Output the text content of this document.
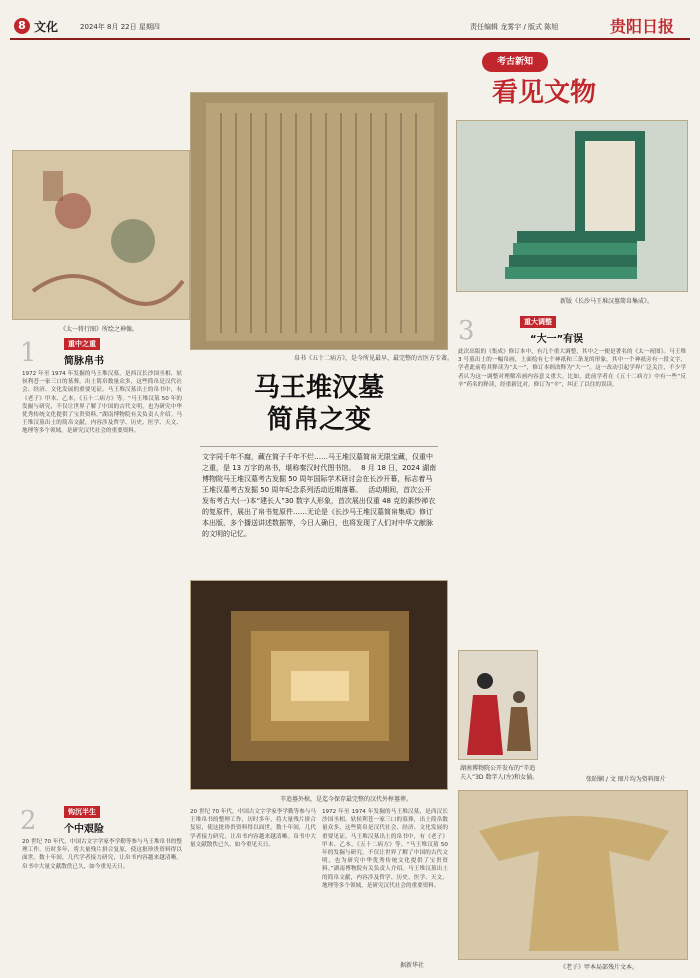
8 文化	2024年 8月 22日 星期四	责任编辑 龙雾宇 / 版式 陈旭	贵阳日报
《太一将行图》所绘之神像。
帛书《五十二病方》，是今所见最早、最完整的古医方专著。
考古新知
看见文物
新版《长沙马王堆汉墓简帛集成》。
1	重中之重
简脉帛书
1972 年至 1974 年发掘的马王堆汉墓，是西汉长沙国丞相、轪侯利苍一家三口的墓葬，出土简帛数量众多，这些简帛是汉代社会、经济、文化发展的重要见证。马王堆汉墓出土的帛书中，有《老子》甲本、乙本，《五十二病方》等。“马王堆汉墓 50 年的发掘与研究，不仅让世界了解了中国的古代文明，也为研究中华优秀传统文化提供了宝贵资料。”湖南博物院有关负责人介绍。马王堆汉墓出土的简帛文献，内容涉及哲学、历史、医学、天文、地理等多个领域，是研究汉代社会的重要资料。
马王堆汉墓
简帛之变
文字同千年不腐，藏在简子千年不烂……马王堆汉墓简帛无限宝藏，仅重中之重，是 13 万字的帛书，堪称秦汉时代图书馆。　 8 月 18 日，2024 湖南博物院马王堆汉墓考古发掘 50 周年国际学术研讨会在长沙开幕，标志着马王堆汉墓考古发掘 50 周年纪念系列活动近期落幕。　 活动期间，首次公开发布考古大(一)本“建长人”30 数字人形象，首次展出仅重 48 克的素纱禅衣的复原件，展出了帛书复原件……无论是《长沙马王堆汉墓简帛集成》修订本出版，多个播送讲述数据等，今日人确日，也将发现了人们对中华文献脉的文明的记忆。
辛追墓外棺，是迄今保存最完整的汉代外椁墓葬。
3	重大调整
“大一”有误
此次出版的《集成》修订本中，有几个重大调整，其中之一便是著名的《太一祝图》。马王堆 3 号墓出土的一幅帛画，上面绘有七个神祇和三条龙的形象，其中一个神祇旁有一段文字，学者此前将其释读为“太一”，修订本则改释为“大一”。这一改动引起学界广泛关注，不少学者认为这一调整对理解帛画内容意义重大。比如，此前学者在《五十二病方》中有一些“反辛”药名的释读，经重新比对，修订为“辛”，纠正了以往的误读。
湖南博物院公开发布的“辛追夫人”3D 数字人(左)和女俑。	张昭娴 / 文 图片均为资料图片
《老子》甲本局部残片文本。
2	钩沉半生
个中艰险
20 世纪 70 年代，中国古文字学家李学勤等参与马王堆帛书的整理工作，历时多年，将大量残片拼合复原，使这批珍贵资料得以面世。数十年间，几代学者接力研究，让帛书内容越来越清晰。帛书中大量文献散佚已久，如今重见天日。
20 世纪 70 年代，中国古文字学家李学勤等参与马王堆帛书的整理工作，历时多年，将大量残片拼合复原，使这批珍贵资料得以面世。数十年间，几代学者接力研究，让帛书内容越来越清晰。帛书中大量文献散佚已久，如今重见天日。
1972 年至 1974 年发掘的马王堆汉墓，是西汉长沙国丞相、轪侯利苍一家三口的墓葬，出土简帛数量众多，这些简帛是汉代社会、经济、文化发展的重要见证。马王堆汉墓出土的帛书中，有《老子》甲本、乙本，《五十二病方》等。“马王堆汉墓 50 年的发掘与研究，不仅让世界了解了中国的古代文明，也为研究中华优秀传统文化提供了宝贵资料。”湖南博物院有关负责人介绍。马王堆汉墓出土的简帛文献，内容涉及哲学、历史、医学、天文、地理等多个领域，是研究汉代社会的重要资料。
据新华社
